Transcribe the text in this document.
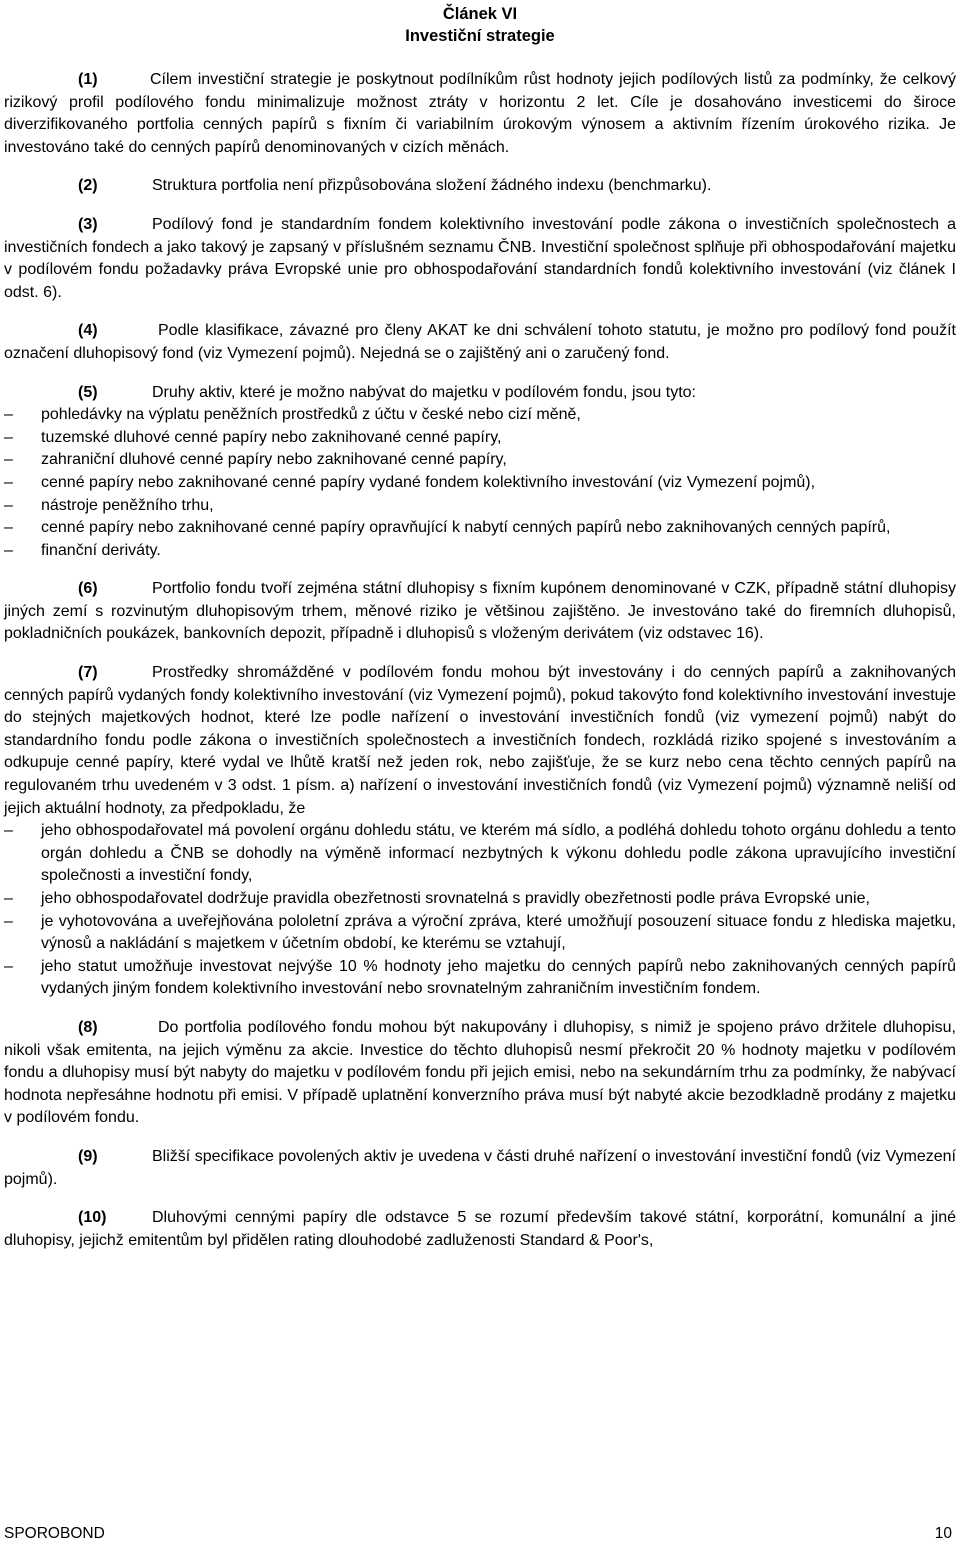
Článek VI
Investiční strategie

(1)	Cílem investiční strategie je poskytnout podílníkům růst hodnoty jejich podílových listů za podmínky, že celkový rizikový profil podílového fondu minimalizuje možnost ztráty v horizontu 2 let. Cíle je dosahováno investicemi do široce diverzifikovaného portfolia cenných papírů s fixním či variabilním úrokovým výnosem a aktivním řízením úrokového rizika. Je investováno také do cenných papírů denominovaných v cizích měnách.

(2)	Struktura portfolia není přizpůsobována složení žádného indexu (benchmarku).

(3)	Podílový fond je standardním fondem kolektivního investování podle zákona o investičních společnostech a investičních fondech a jako takový je zapsaný v příslušném seznamu ČNB. Investiční společnost splňuje při obhospodařování majetku v podílovém fondu požadavky práva Evropské unie pro obhospodařování standardních fondů kolektivního investování (viz článek I odst. 6).

(4)	Podle klasifikace, závazné pro členy AKAT ke dni schválení tohoto statutu, je možno pro podílový fond použít označení dluhopisový fond (viz Vymezení pojmů). Nejedná se o zajištěný ani o zaručený fond.

(5)	Druhy aktiv, které je možno nabývat do majetku v podílovém fondu, jsou tyto:

–	pohledávky na výplatu peněžních prostředků z účtu v české nebo cizí měně,
–	tuzemské dluhové cenné papíry nebo zaknihované cenné papíry,
–	zahraniční dluhové cenné papíry nebo zaknihované cenné papíry,
–	cenné papíry nebo zaknihované cenné papíry vydané fondem kolektivního investování (viz Vymezení pojmů),
–	nástroje peněžního trhu,
–	cenné papíry nebo zaknihované cenné papíry opravňující k nabytí cenných papírů nebo zaknihovaných cenných papírů,
–	finanční deriváty.

(6)	Portfolio fondu tvoří zejména státní dluhopisy s fixním kupónem denominované v CZK, případně státní dluhopisy jiných zemí s rozvinutým dluhopisovým trhem, měnové riziko je většinou zajištěno. Je investováno také do firemních dluhopisů, pokladničních poukázek, bankovních depozit, případně i dluhopisů s vloženým derivátem (viz odstavec 16).

(7)	Prostředky shromážděné v podílovém fondu mohou být investovány i do cenných papírů a zaknihovaných cenných papírů vydaných fondy kolektivního investování (viz Vymezení pojmů), pokud takovýto fond kolektivního investování investuje do stejných majetkových hodnot, které lze podle nařízení o investování investičních fondů (viz vymezení pojmů) nabýt do standardního fondu podle zákona o investičních společnostech a investičních fondech, rozkládá riziko spojené s investováním a odkupuje cenné papíry, které vydal ve lhůtě kratší než jeden rok, nebo zajišťuje, že se kurz nebo cena těchto cenných papírů na regulovaném trhu uvedeném v 3 odst. 1 písm. a) nařízení o investování investičních fondů (viz Vymezení pojmů) významně neliší od jejich aktuální hodnoty, za předpokladu, že

–	jeho obhospodařovatel má povolení orgánu dohledu státu, ve kterém má sídlo, a podléhá dohledu tohoto orgánu dohledu a tento orgán dohledu a ČNB se dohodly na výměně informací nezbytných k výkonu dohledu podle zákona upravujícího investiční společnosti a investiční fondy,
–	jeho obhospodařovatel dodržuje pravidla obezřetnosti srovnatelná s pravidly obezřetnosti podle práva Evropské unie,
–	je vyhotovována a uveřejňována pololetní zpráva a výroční zpráva, které umožňují posouzení situace fondu z hlediska majetku, výnosů a nakládání s majetkem v účetním období, ke kterému se vztahují,
–	jeho statut umožňuje investovat nejvýše 10 % hodnoty jeho majetku do cenných papírů nebo zaknihovaných cenných papírů vydaných jiným fondem kolektivního investování nebo srovnatelným zahraničním investičním fondem.

(8)	Do portfolia podílového fondu mohou být nakupovány i dluhopisy, s nimiž je spojeno právo držitele dluhopisu, nikoli však emitenta, na jejich výměnu za akcie. Investice do těchto dluhopisů nesmí překročit 20 % hodnoty majetku v podílovém fondu a dluhopisy musí být nabyty do majetku v podílovém fondu při jejich emisi, nebo na sekundárním trhu za podmínky, že nabývací hodnota nepřesáhne hodnotu při emisi. V případě uplatnění konverzního práva musí být nabyté akcie bezodkladně prodány z majetku v podílovém fondu.

(9)	Bližší specifikace povolených aktiv je uvedena v části druhé nařízení o investování investiční fondů (viz Vymezení pojmů).

(10)	Dluhovými cennými papíry dle odstavce 5 se rozumí především takové státní, korporátní, komunální a jiné dluhopisy, jejichž emitentům byl přidělen rating dlouhodobé zadluženosti Standard & Poor's,

SPOROBOND	10
